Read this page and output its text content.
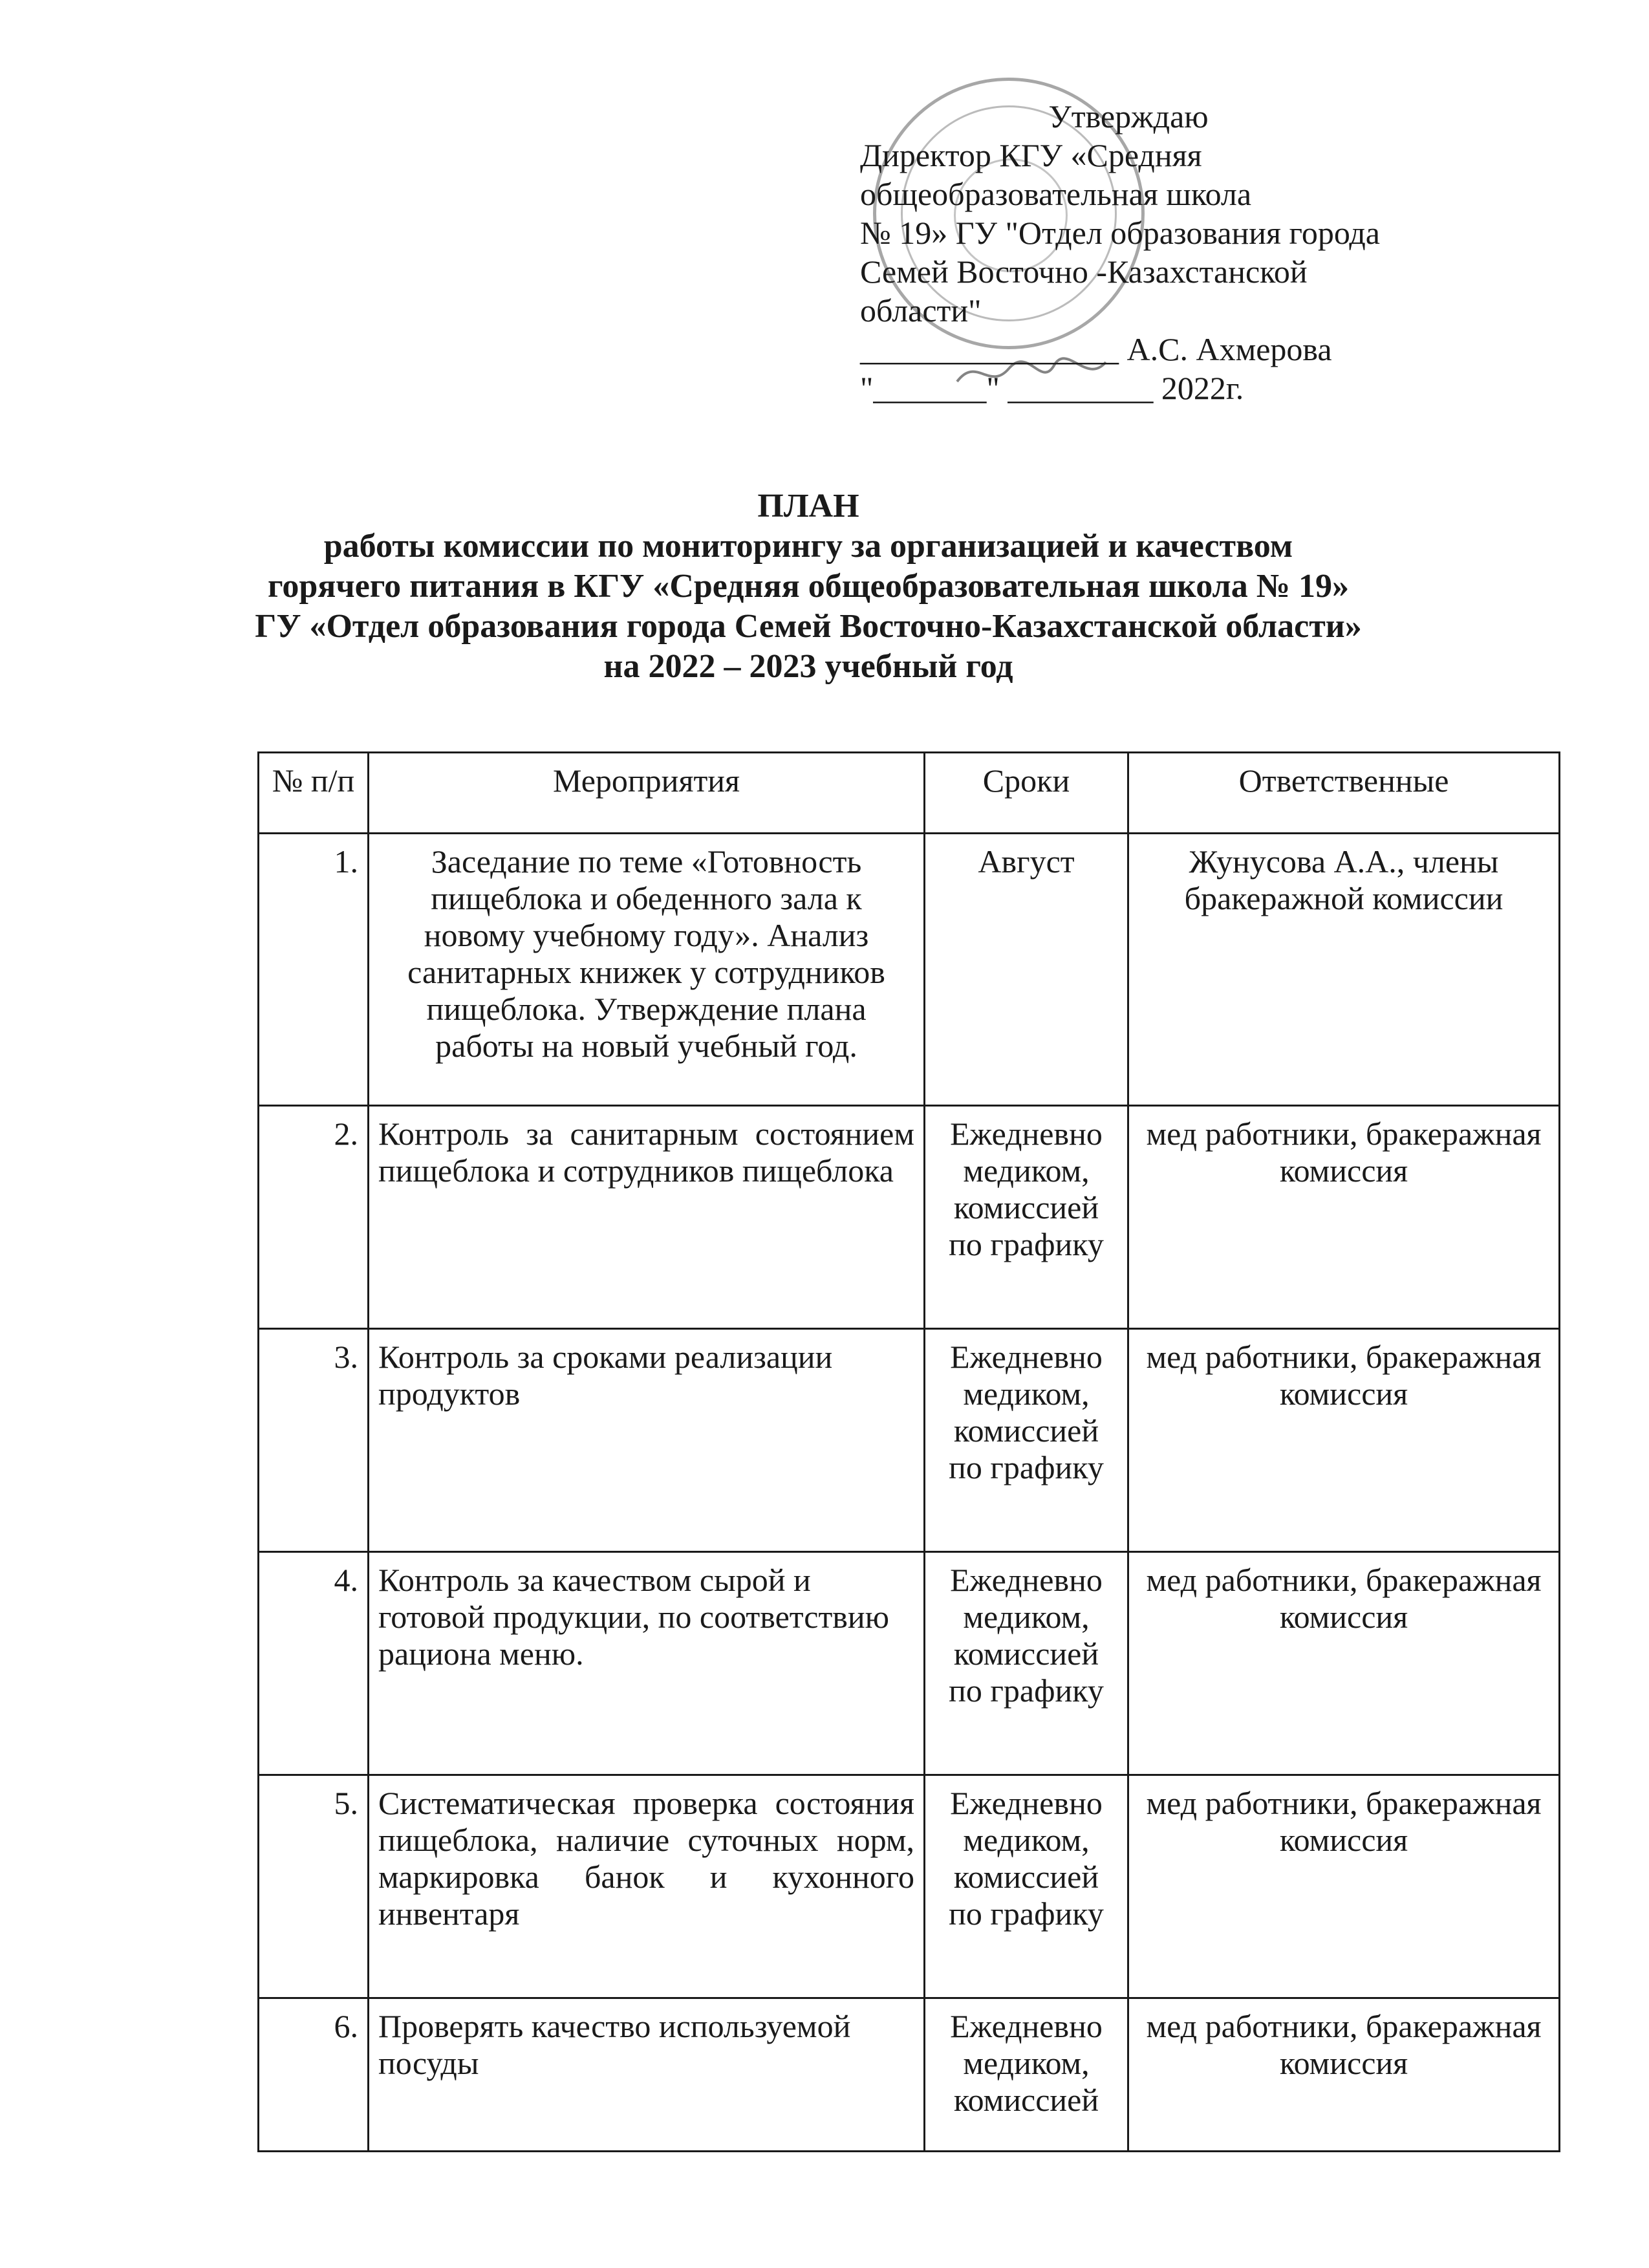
Утверждаю
Директор КГУ «Средняя
общеобразовательная школа
№ 19» ГУ "Отдел образования города
Семей Восточно -Казахстанской
области"
________________ А.С. Ахмерова
"_______" _________ 2022г.
ПЛАН
работы комиссии по мониторингу за организацией и качеством
горячего питания в КГУ «Средняя общеобразовательная школа № 19»
ГУ «Отдел образования города Семей Восточно-Казахстанской области»
на 2022 – 2023 учебный год
№ п/п	Мероприятия	Сроки	Ответственные
1.	Заседание по теме «Готовность пищеблока и обеденного зала к новому учебному году». Анализ санитарных книжек у сотрудников пищеблока. Утверждение плана работы на новый учебный год.	Август	Жунусова А.А., члены бракеражной комиссии
2.	Контроль за санитарным состоянием пищеблока и сотрудников пищеблока	Ежедневно медиком, комиссией по графику	мед работники, бракеражная комиссия
3.	Контроль за сроками реализации продуктов	Ежедневно медиком, комиссией по графику	мед работники, бракеражная комиссия
4.	Контроль за качеством сырой и готовой продукции, по соответствию рациона меню.	Ежедневно медиком, комиссией по графику	мед работники, бракеражная комиссия
5.	Систематическая проверка состояния пищеблока, наличие суточных норм, маркировка банок и кухонного инвентаря	Ежедневно медиком, комиссией по графику	мед работники, бракеражная комиссия
6.	Проверять качество используемой посуды	Ежедневно медиком, комиссией	мед работники, бракеражная комиссия
